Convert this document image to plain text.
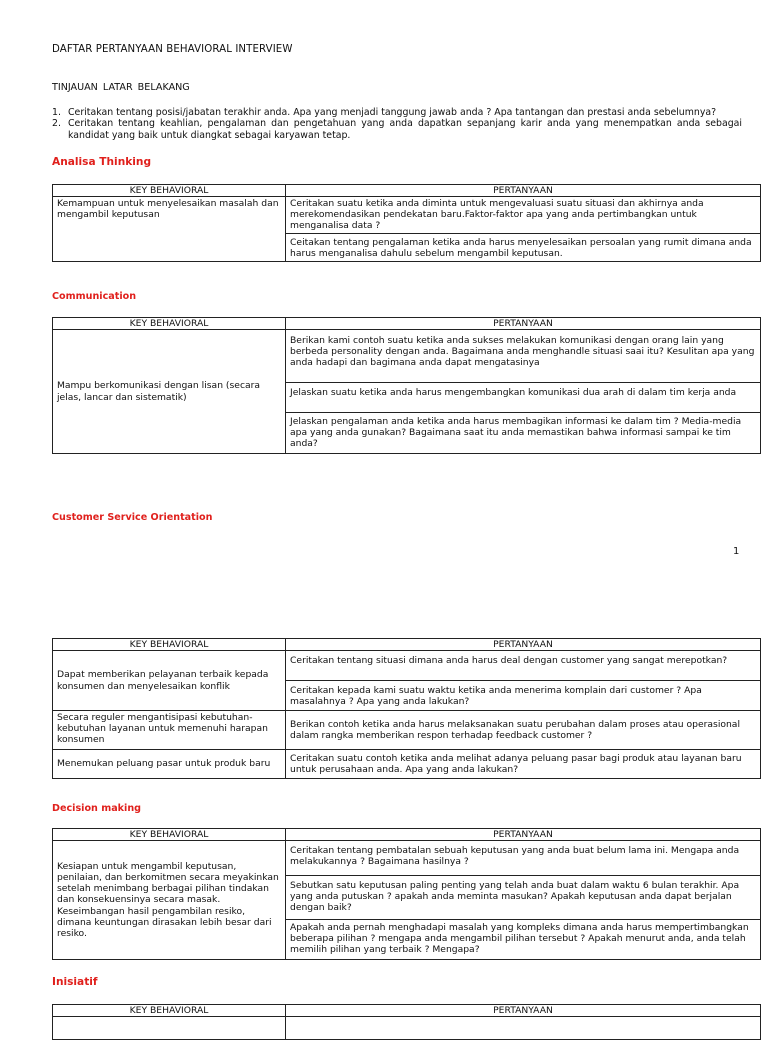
DAFTAR PERTANYAAN BEHAVIORAL INTERVIEW
TINJAUAN LATAR BELAKANG
1. Ceritakan tentang posisi/jabatan terakhir anda. Apa yang menjadi tanggung jawab anda ? Apa tantangan dan prestasi anda sebelumnya?
2. Ceritakan tentang keahlian, pengalaman dan pengetahuan yang anda dapatkan sepanjang karir anda yang menempatkan anda sebagai kandidat yang baik untuk diangkat sebagai karyawan tetap.
Analisa Thinking
KEY BEHAVIORAL	PERTANYAAN
Kemampuan untuk menyelesaikan masalah dan mengambil keputusan	Ceritakan suatu ketika anda diminta untuk mengevaluasi suatu situasi dan akhirnya anda merekomendasikan pendekatan baru.Faktor-faktor apa yang anda pertimbangkan untuk menganalisa data ?
	Ceitakan tentang pengalaman ketika anda harus menyelesaikan persoalan yang rumit dimana anda harus menganalisa dahulu sebelum mengambil keputusan.
Communication
KEY BEHAVIORAL	PERTANYAAN
Mampu berkomunikasi dengan lisan (secara jelas, lancar dan sistematik)	Berikan kami contoh suatu ketika anda sukses melakukan komunikasi dengan orang lain yang berbeda personality dengan anda. Bagaimana anda menghandle situasi saai itu? Kesulitan apa yang anda hadapi dan bagimana anda dapat mengatasinya
	Jelaskan suatu ketika anda harus mengembangkan komunikasi dua arah di dalam tim kerja anda
	Jelaskan pengalaman anda ketika anda harus membagikan informasi ke dalam tim ? Media-media apa yang anda gunakan? Bagaimana saat itu anda memastikan bahwa informasi sampai ke tim anda?
Customer Service Orientation
1
KEY BEHAVIORAL	PERTANYAAN
Dapat memberikan pelayanan terbaik kepada konsumen dan menyelesaikan konflik	Ceritakan tentang situasi dimana anda harus deal dengan customer yang sangat merepotkan?
	Ceritakan kepada kami suatu waktu ketika anda menerima komplain dari customer ? Apa masalahnya ? Apa yang anda lakukan?
Secara reguler mengantisipasi kebutuhan-kebutuhan layanan untuk memenuhi harapan konsumen	Berikan contoh ketika anda harus melaksanakan suatu perubahan dalam proses atau operasional dalam rangka memberikan respon terhadap feedback customer ?
Menemukan peluang pasar untuk produk baru	Ceritakan suatu contoh ketika anda melihat adanya peluang pasar bagi produk atau layanan baru untuk perusahaan anda. Apa yang anda lakukan?
Decision making
KEY BEHAVIORAL	PERTANYAAN
Kesiapan untuk mengambil keputusan, penilaian, dan berkomitmen secara meyakinkan setelah menimbang berbagai pilihan tindakan dan konsekuensinya secara masak. Keseimbangan hasil pengambilan resiko, dimana keuntungan dirasakan lebih besar dari resiko.	Ceritakan tentang pembatalan sebuah keputusan yang anda buat belum lama ini. Mengapa anda melakukannya ? Bagaimana hasilnya ?
	Sebutkan satu keputusan paling penting yang telah anda buat dalam waktu 6 bulan terakhir. Apa yang anda putuskan ? apakah anda meminta masukan? Apakah keputusan anda dapat berjalan dengan baik?
	Apakah anda pernah menghadapi masalah yang kompleks dimana anda harus mempertimbangkan beberapa pilihan ? mengapa anda mengambil pilihan tersebut ? Apakah menurut anda, anda telah memilih pilihan yang terbaik ? Mengapa?
Inisiatif
KEY BEHAVIORAL	PERTANYAAN
